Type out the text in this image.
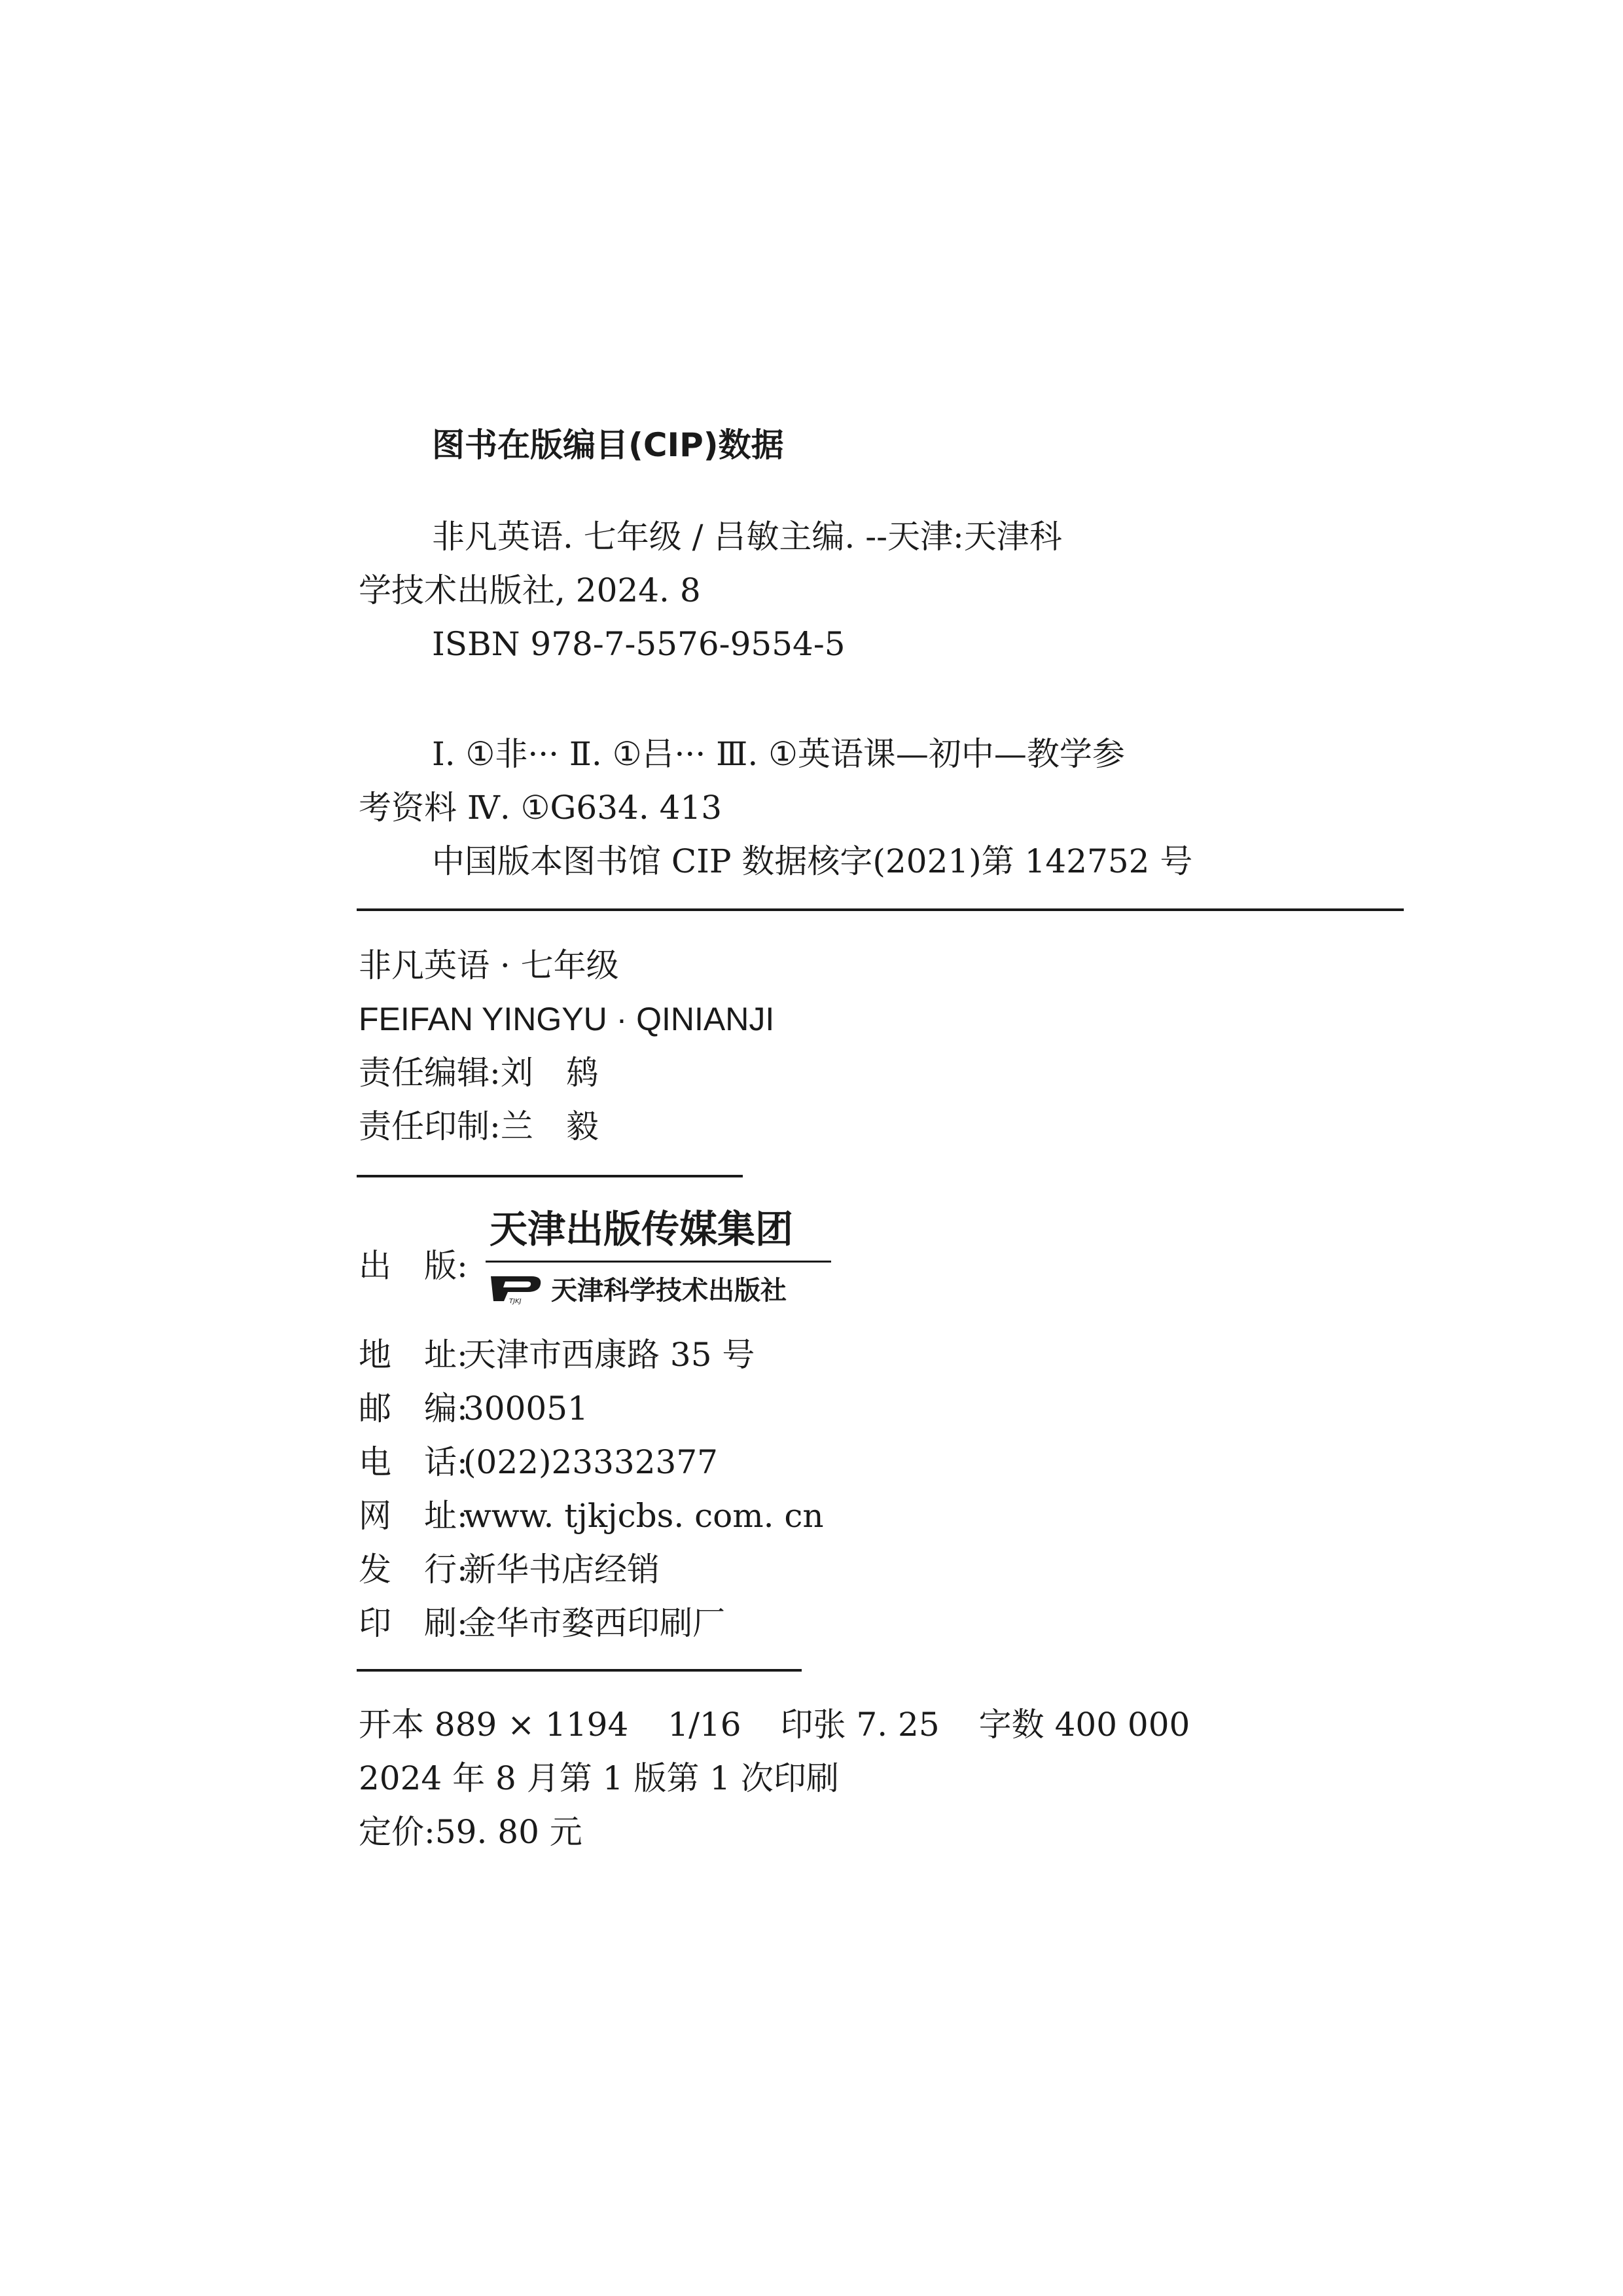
图书在版编目(CIP)数据
非凡英语. 七年级 / 吕敏主编. --天津:天津科
学技术出版社, 2024. 8
ISBN 978-7-5576-9554-5
Ⅰ. ①非··· Ⅱ. ①吕··· Ⅲ. ①英语课—初中—教学参
考资料 Ⅳ. ①G634. 413
中国版本图书馆 CIP 数据核字(2021)第 142752 号
非凡英语 · 七年级
FEIFAN YINGYU · QINIANJI
责任编辑:刘　鸫
责任印制:兰　毅
出　版:
天津出版传媒集团
TJKJ 天津科学技术出版社
地　址:天津市西康路 35 号
邮　编:300051
电　话:(022)23332377
网　址:www. tjkjcbs. com. cn
发　行:新华书店经销
印　刷:金华市婺西印刷厂
开本 889 × 1194 1/16 印张 7. 25 字数 400 000
2024 年 8 月第 1 版第 1 次印刷
定价:59. 80 元
